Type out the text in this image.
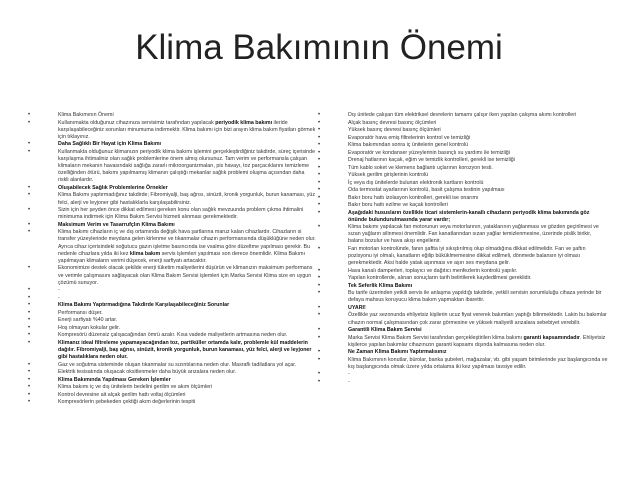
Klima Bakımının Önemi
• Klima Bakımının Önemi
• Kullanımakta olduğunuz cihazınıza servisimiz tarafından yapılacak periyodik klima bakımı ileride karşılaşabileceğiniz sorunları minumuma indirmektir. Klima bakımı için bizi arayın klima bakım fiyatları görmek için tıklayınız.
• Daha Sağlıklı Bir Hayat için Klima Bakımı
• Kullanmakta olduğunuz klimanızın periyodik klima bakımı işlemini gerçekleştirdiğiniz takdirde, süreç içerisinde karşılaşma ihtimaliniz olan sağlık problemlerine önem almış olursunuz. Tam verim ve performansla çalışan klimaların mekanın havasındaki sağlığa zararlı mikroorganizmaları, pis havayı, toz parçacıklarını temizleme özelliğinden ötürü, bakımı yapılmamış klimanın çalıştığı mekanlar sağlık problemi oluşma açısından daha riskli alanlardır.
• Oluşabilecek Sağlık Problemlerine Örnekler
• Klima Bakımı yaptırmadığınız takdirde; Fibromiyalji, baş ağrısı, sinüzit, kronik yorgunluk, burun kanaması, yüz felci, alerji ve leyjoner gibi hastalıklarla karşılaşabilirsiniz.
• Sizin için her şeyden önce dikkat edilmesi gereken konu olan sağlık mevzuunda problem çıkma ihtimalini minimuma indirmek için Klima Bakım Servisi hizmeti alınması gerekmektedir.
• Maksimum Verim ve Tasarrufçlın Klima Bakımı
• Klima bakımı cihazların iç ve dış ortamında değişik hava şartlarına maruz kalan cihazlardır. Cihazların si transfer yüzeylerinde meydana gelen kirlenme ve tıkanmalar cihazın performansında düşüklüğüne neden olur. Ayrıca cihaz içerisindeki soğutucu gazın işletme basıncında ise vsalma göre düzeltme yapılması gerekir. Bu nedenle cihazlara yılda iki kez klima bakım servis işlemleri yapılması son derece önemlidir. Klima Bakımı yapılmayan klimaların verimi düşecek, enerji sarfiyatı artacaktır.
• Ekonomimize destek olacak şekilde enerji tüketim maliyetlerini düşürün ve klimanızın maksimum performans ve verimle çalışmasını sağlayacak olan Klima Bakım Servisi işlemleri için Marka Servisi Klima size en uygun çözümü sunuyor.
• -
• -
• Klima Bakımı Yaptırmadığına Takdirde Karşılaşabileceğiniz Sorunlar
• Performansı düşer.
• Enerji sarfiyatı %40 artar.
• Hoş olmayan kokular gelir.
• Kompresörü düzensiz çalışacağından ömrü azalır. Kısa vadede maliyetlerin artmasına neden olur.
• Klimanız ideal filtreleme yapamayacağından toz, partiküller ortamda kalır, problemle kül maddelerin dağılır. Fibromiyalji, baş ağrısı, sinüzit, kronik yorgunluk, burun kanaması, yüz felci, alerji ve leyjoner gibi hastalıklara neden olur.
• Gaz ve soğutma sisteminde oluşan tıkanmalar su sızıntılarına neden olur. Masraflı tadilatlara yol açar.
• Elektrik tesisatında oluşacak oksitlenmeler daha büyük arızalara neden olur.
• Klima Bakımında Yapılması Gereken İşlemler
• Klima bakımı iç ve dış ünitelerin bedelini gerilim ve akım ölçümleri
• Kontrol devresine ait alçak gerilim hattı voltaj ölçümleri
• Kompresörlerin şebekeden çektiği akım değerlerinin tespiti
• Dış ünitede çalışan tüm elektriksel devrelerin tamamı çalışır iken yapılan çalışma akımı kontrolleri
• Alçak basınç devresi basınç ölçümleri
• Yüksek basınç devresi basınç ölçümleri
• Evaporatör hava emiş filtrelerinin kontrol ve temizliği
• Klima bakımından sonra iç ünitelerin genel kontrolü
• Evaporatör ve kondanser yüzeylerinin basınçlı su yardımı ile temizliği
• Drenaj hatlarının kaçak, eğim ve temizlik kontrolleri, gerekli ise temizliği
• Tüm kablo soket ve klemens bağlantı uçlarının korozyon testi.
• Yüksek gerilim girişlerinin kontrolü
• İç veya dış ünitelerde bulunan elektronik kartların kontrolü
• Oda termostat ayarlarının kontrolü, basit çalışma testinin yapılması
• Bakır boru hattı izolasyon kontrolleri, gerekli ise onarımı
• Bakır boru hattı ezilme ve kaçak kontrolleri
• Aşağıdaki hususların özellikle ticari sistemlerin-kanallı cihazların periyodik klima bakımında göz önünde bulundurulmasında yarar vardır;
• Klima bakımı yapılacak fan motorunun veya motorlarının, yataklarının yağlanması ve gözden geçirilmesi ve sızan yağların silinmesi önemlidir. Fan kanatlarından sızan yağlar temizlenmesine, üzerinde pislik birikir, balans bozulur ve hava akışı engellenir.
• Fan motorları kontrolünde, fanın şaftta iyi sıkıştırılmış olup olmadığına dikkat edilmelidir. Fan ve şaftın pozisyonu iyi olmalı, kanatların eğilip büküklmemesine dikkat edilmeli, dönmede balansın iyi olması gerekmektedir. Aksi halde yatak aşınması ve aşırı ses meydana gelir.
• Hava kanalı damperleri, toplayıcı ve dağıtıcı menfezlerin kontrolü yapılır.
• Yapılan kontrollerde, alınan sonuçların tarih belirtilerek kaydedilmesi gereklidir.
• Tek Seferlik Klima Bakımı
• Bu tarife üzerinden yetkili servis ile anlaşma yapıldığı takdirde, yetkili servisin sorumluluğu cihaza yerinde bir defaya mahsus koruyucu klima bakım yapmaktan ibarettir.
• UYARI!
• Özellikle yaz sezonunda ehliyetsiz kişilerin ucuz fiyat vererek bakımları yaptığı bilinmektedir. Lakin bu bakımlar cihazın normal çalışmasından çok zarar görmesine ve yüksek maliyetli arızalara sebebiyet verebilir.
• Garantili Klima Bakım Servisi
• Marka Servisi Klima Bakım Servisi tarafından gerçekleştirilen klima bakımı garanti kapsamındadır. Ehliyetsiz kişilerce yapılan bakımlar cihazınızın garanti kapsamı dışında kalmasına neden olur.
• Ne Zaman Klima Bakımı Yaptırmalısınız
• Klima Bakımının konutlar, bürolar, banka şubeleri, mağazalar, vb. gibi yaşam birimlerinde yaz başlangıcında ve kış başlangıcında olmak üzere yılda ortalama iki kez yapılması tavsiye edilir.
• -
• -
